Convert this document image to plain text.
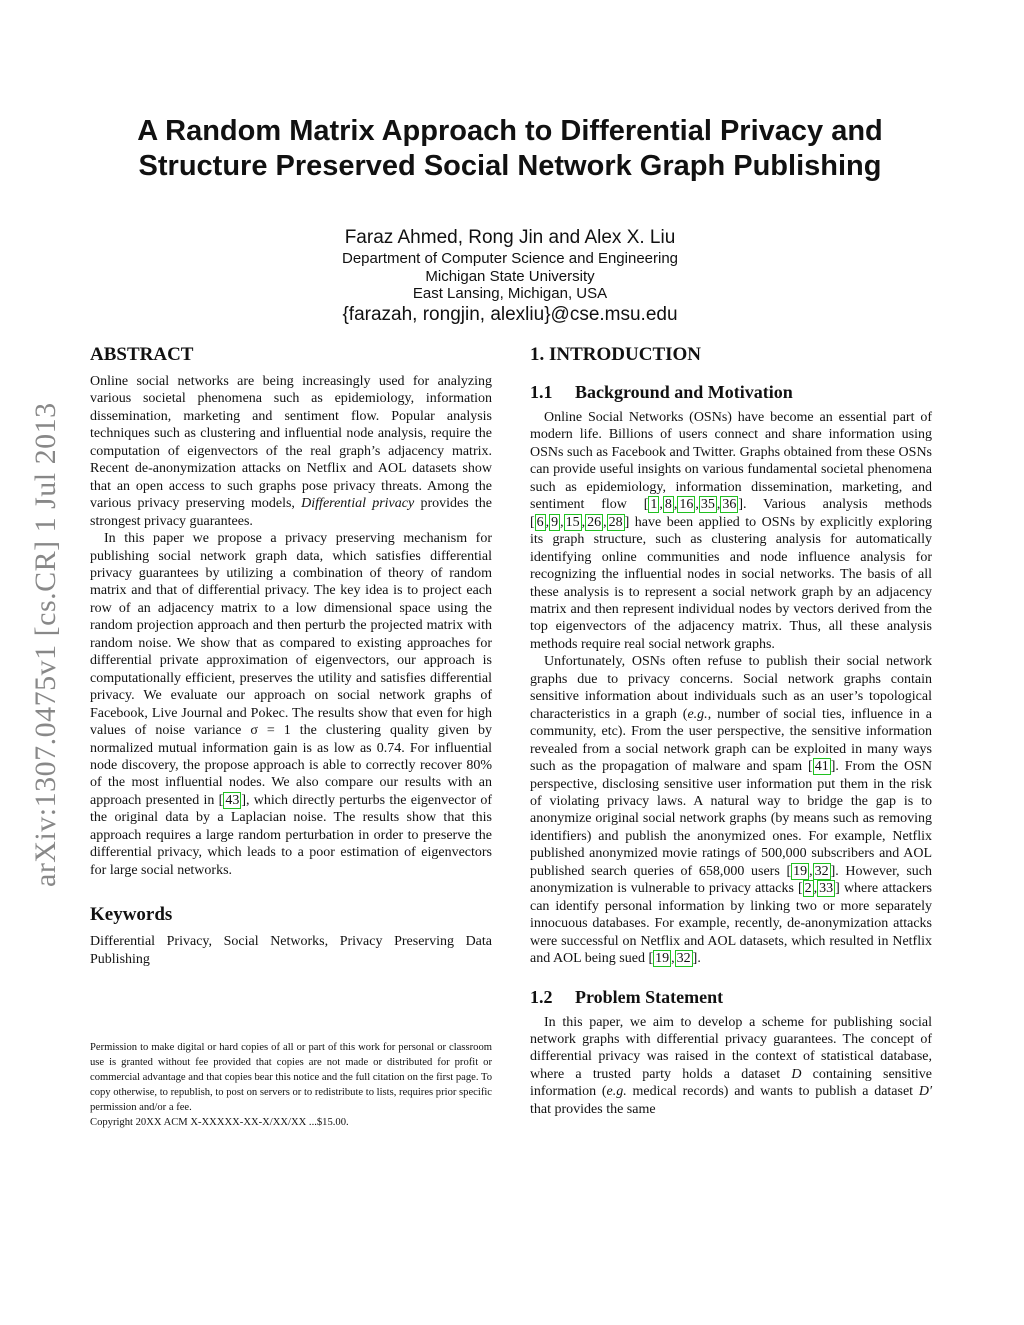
A Random Matrix Approach to Differential Privacy and
Structure Preserved Social Network Graph Publishing
Faraz Ahmed, Rong Jin and Alex X. Liu
Department of Computer Science and Engineering
Michigan State University
East Lansing, Michigan, USA
{farazah, rongjin, alexliu}@cse.msu.edu
arXiv:1307.0475v1 [cs.CR] 1 Jul 2013
ABSTRACT

Online social networks are being increasingly used for analyzing various societal phenomena such as epidemiology, information dissemination, marketing and sentiment flow. Popular analysis techniques such as clustering and influential node analysis, require the computation of eigenvectors of the real graph’s adjacency matrix. Recent de-anonymization attacks on Netflix and AOL datasets show that an open access to such graphs pose privacy threats. Among the various privacy preserving models, Differential privacy provides the strongest privacy guarantees.

In this paper we propose a privacy preserving mechanism for publishing social network graph data, which satisfies differential privacy guarantees by utilizing a combination of theory of random matrix and that of differential privacy. The key idea is to project each row of an adjacency matrix to a low dimensional space using the random projection approach and then perturb the projected matrix with random noise. We show that as compared to existing approaches for differential private approximation of eigenvectors, our approach is computationally efficient, preserves the utility and satisfies differential privacy. We evaluate our approach on social network graphs of Facebook, Live Journal and Pokec. The results show that even for high values of noise variance σ = 1 the clustering quality given by normalized mutual information gain is as low as 0.74. For influential node discovery, the propose approach is able to correctly recover 80% of the most influential nodes. We also compare our results with an approach presented in [ 43 ], which directly perturbs the eigenvector of the original data by a Laplacian noise. The results show that this approach requires a large random perturbation in order to preserve the differential privacy, which leads to a poor estimation of eigenvectors for large social networks.

Keywords

Differential Privacy, Social Networks, Privacy Preserving Data Publishing

Permission to make digital or hard copies of all or part of this work for personal or classroom use is granted without fee provided that copies are not made or distributed for profit or commercial advantage and that copies bear this notice and the full citation on the first page. To copy otherwise, to republish, to post on servers or to redistribute to lists, requires prior specific permission and/or a fee.

Copyright 20XX ACM X-XXXXX-XX-X/XX/XX ...$15.00.

1. INTRODUCTION
1.1 Background and Motivation

Online Social Networks (OSNs) have become an essential part of modern life. Billions of users connect and share information using OSNs such as Facebook and Twitter. Graphs obtained from these OSNs can provide useful insights on various fundamental societal phenomena such as epidemiology, information dissemination, marketing, and sentiment flow [ 1 , 8 , 16 , 35 , 36 ]. Various analysis methods [ 6 , 9 , 15 , 26 , 28 ] have been applied to OSNs by explicitly exploring its graph structure, such as clustering analysis for automatically identifying online communities and node influence analysis for recognizing the influential nodes in social networks. The basis of all these analysis is to represent a social network graph by an adjacency matrix and then represent individual nodes by vectors derived from the top eigenvectors of the adjacency matrix. Thus, all these analysis methods require real social network graphs.

Unfortunately, OSNs often refuse to publish their social network graphs due to privacy concerns. Social network graphs contain sensitive information about individuals such as an user’s topological characteristics in a graph (e.g., number of social ties, influence in a community, etc). From the user perspective, the sensitive information revealed from a social network graph can be exploited in many ways such as the propagation of malware and spam [ 41 ]. From the OSN perspective, disclosing sensitive user information put them in the risk of violating privacy laws. A natural way to bridge the gap is to anonymize original social network graphs (by means such as removing identifiers) and publish the anonymized ones. For example, Netflix published anonymized movie ratings of 500,000 subscribers and AOL published search queries of 658,000 users [ 19 , 32 ]. However, such anonymization is vulnerable to privacy attacks [ 2 , 33 ] where attackers can identify personal information by linking two or more separately innocuous databases. For example, recently, de-anonymization attacks were successful on Netflix and AOL datasets, which resulted in Netflix and AOL being sued [ 19 , 32 ].

1.2 Problem Statement

In this paper, we aim to develop a scheme for publishing social network graphs with differential privacy guarantees. The concept of differential privacy was raised in the context of statistical database, where a trusted party holds a dataset D containing sensitive information (e.g. medical records) and wants to publish a dataset D′ that provides the same
